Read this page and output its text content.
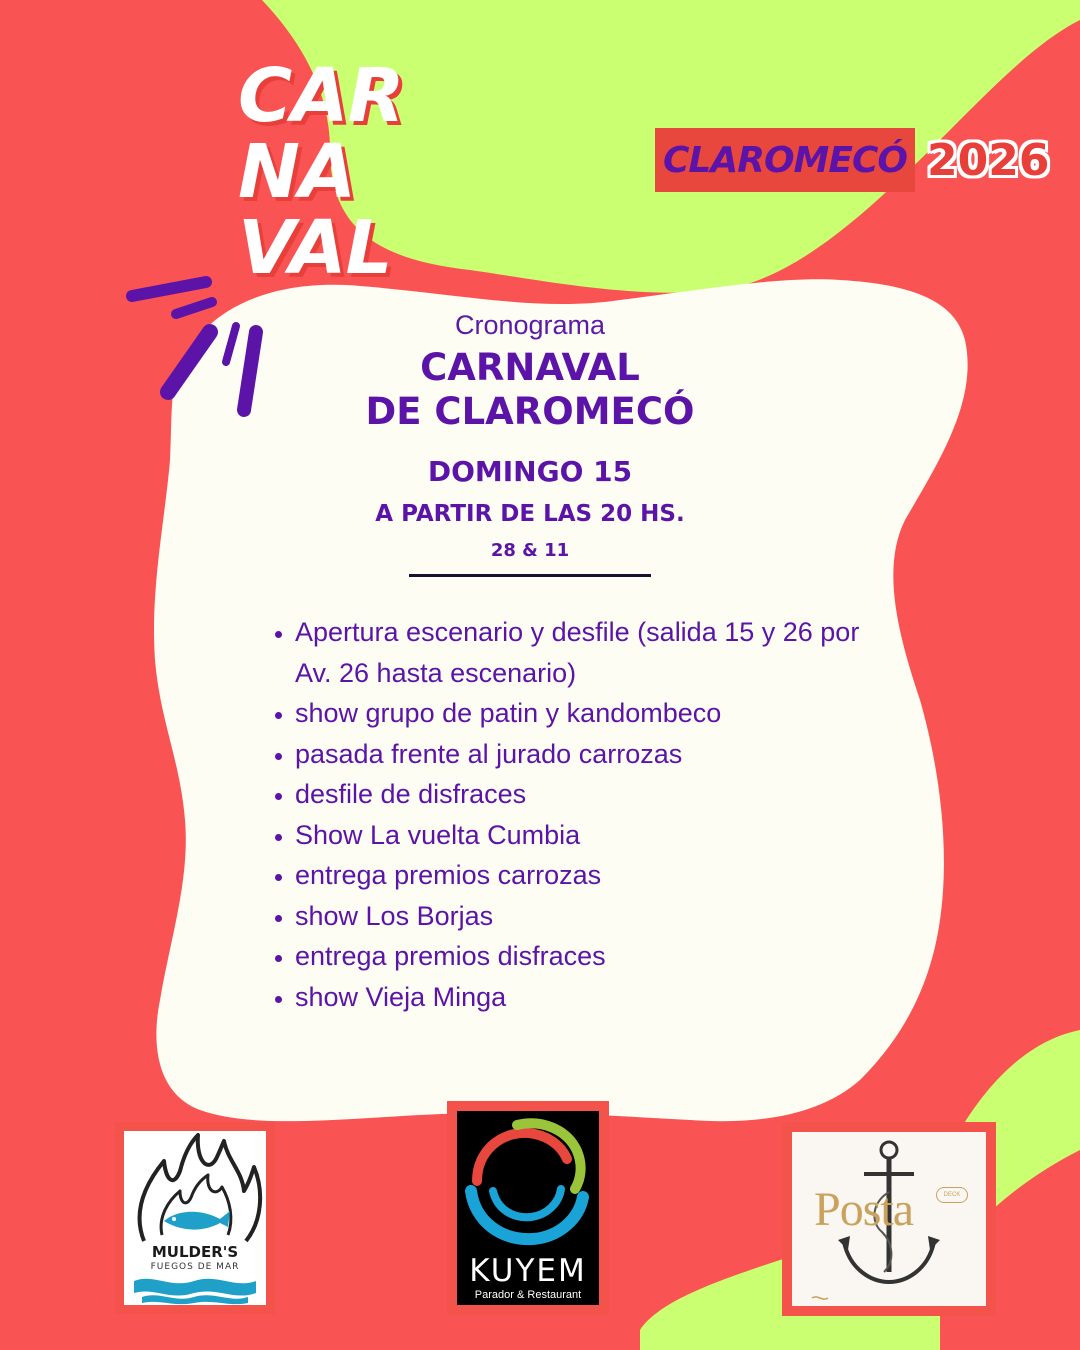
CAR
NA
VAL
CLAROMECÓ 2026
Cronograma
CARNAVAL
DE CLAROMECÓ
DOMINGO 15
A PARTIR DE LAS 20 HS.
28 & 11
• Apertura escenario y desfile (salida 15 y 26 por Av. 26 hasta escenario)
• show grupo de patin y kandombeco
• pasada frente al jurado carrozas
• desfile de disfraces
• Show La vuelta Cumbia
• entrega premios carrozas
• show Los Borjas
• entrega premios disfraces
• show Vieja Minga
MULDER'S
FUEGOS DE MAR	KUYEM
Parador & Restaurant
Posta	DECK
